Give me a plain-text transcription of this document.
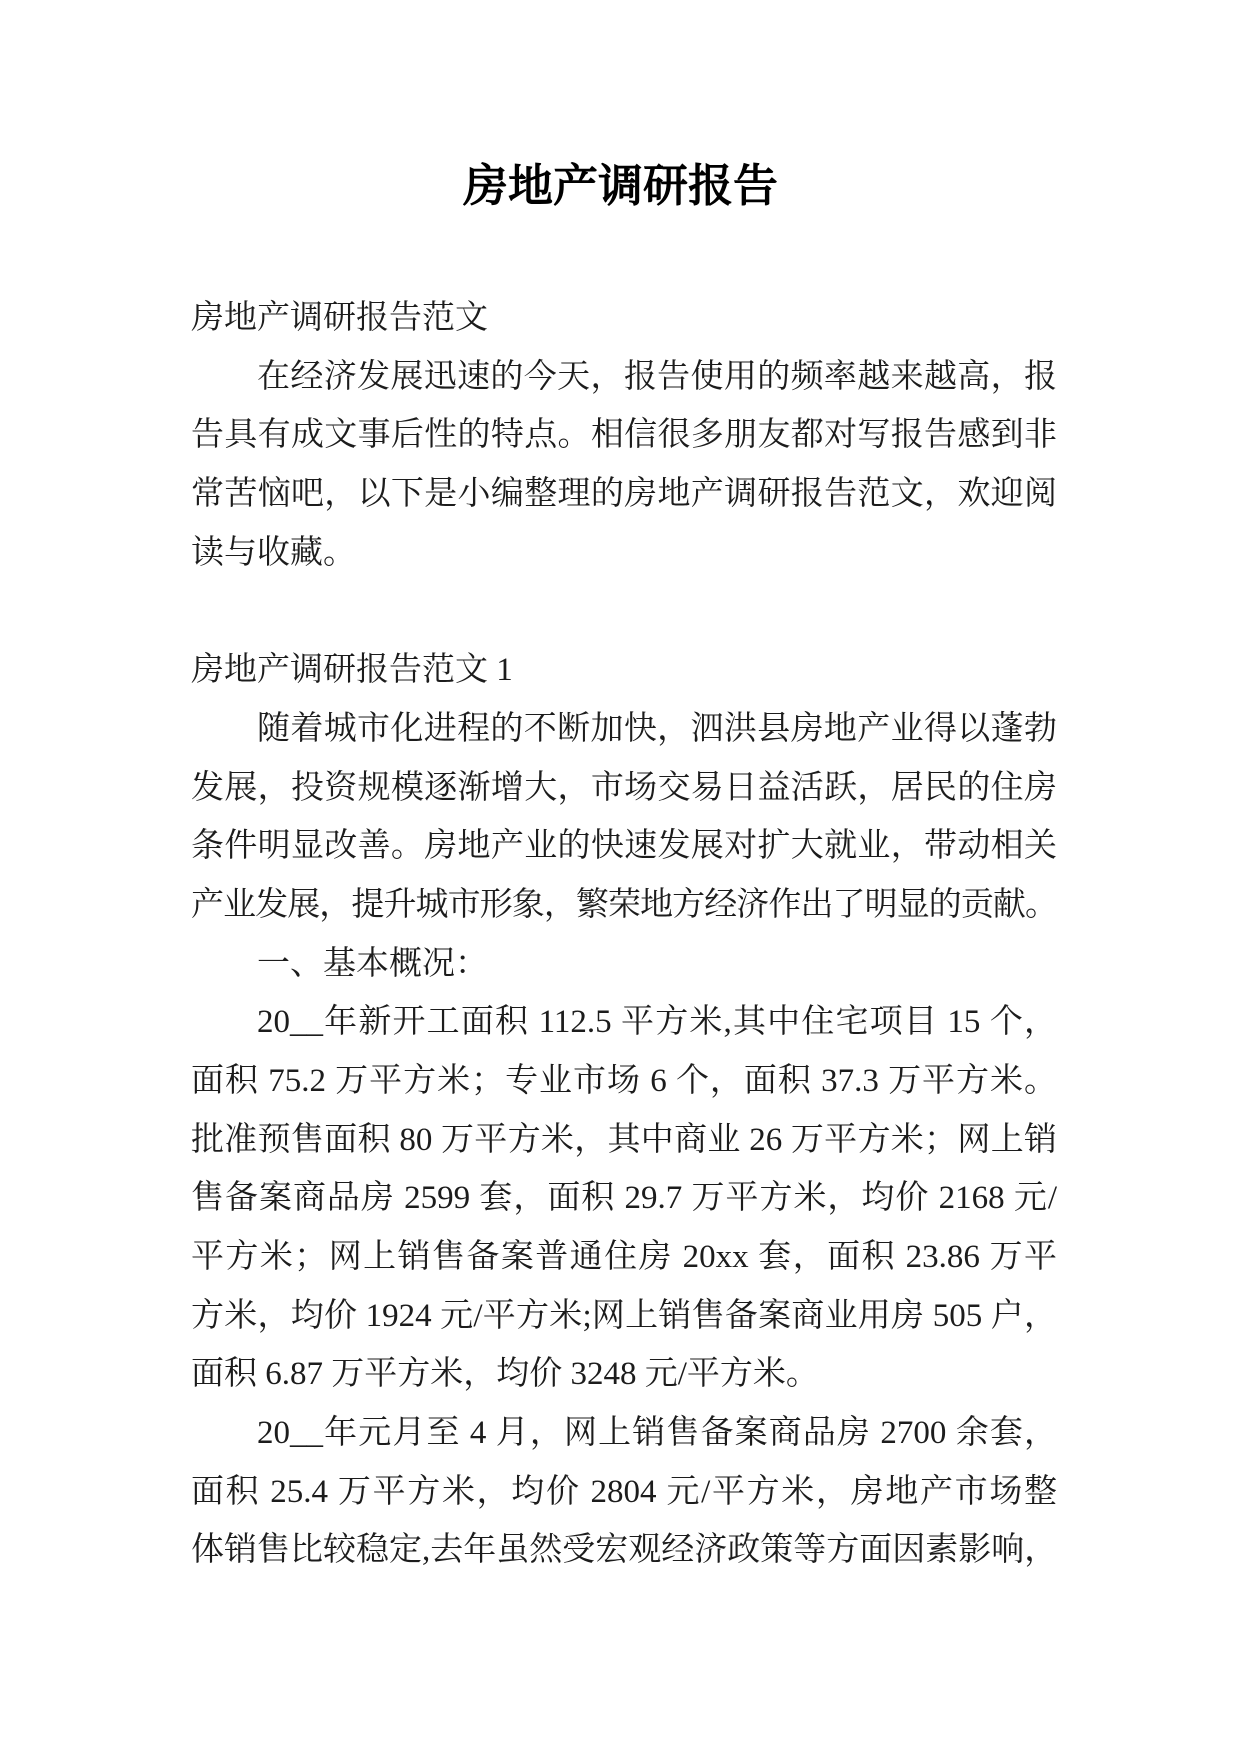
房地产调研报告
房地产调研报告范文
在经济发展迅速的今天，报告使用的频率越来越高，报
告具有成文事后性的特点。相信很多朋友都对写报告感到非
常苦恼吧，以下是小编整理的房地产调研报告范文，欢迎阅
读与收藏。
房地产调研报告范文 1
随着城市化进程的不断加快，泗洪县房地产业得以蓬勃
发展，投资规模逐渐增大，市场交易日益活跃，居民的住房
条件明显改善。房地产业的快速发展对扩大就业，带动相关
产业发展，提升城市形象，繁荣地方经济作出了明显的贡献。
一、基本概况：
20__年新开工面积 112.5 平方米,其中住宅项目 15 个，
面积 75.2 万平方米；专业市场 6 个，面积 37.3 万平方米。
批准预售面积 80 万平方米，其中商业 26 万平方米；网上销
售备案商品房 2599 套，面积 29.7 万平方米，均价 2168 元/
平方米；网上销售备案普通住房 20xx 套，面积 23.86 万平
方米，均价 1924 元/平方米;网上销售备案商业用房 505 户，
面积 6.87 万平方米，均价 3248 元/平方米。
20__年元月至 4 月，网上销售备案商品房 2700 余套，
面积 25.4 万平方米，均价 2804 元/平方米，房地产市场整
体销售比较稳定,去年虽然受宏观经济政策等方面因素影响，
